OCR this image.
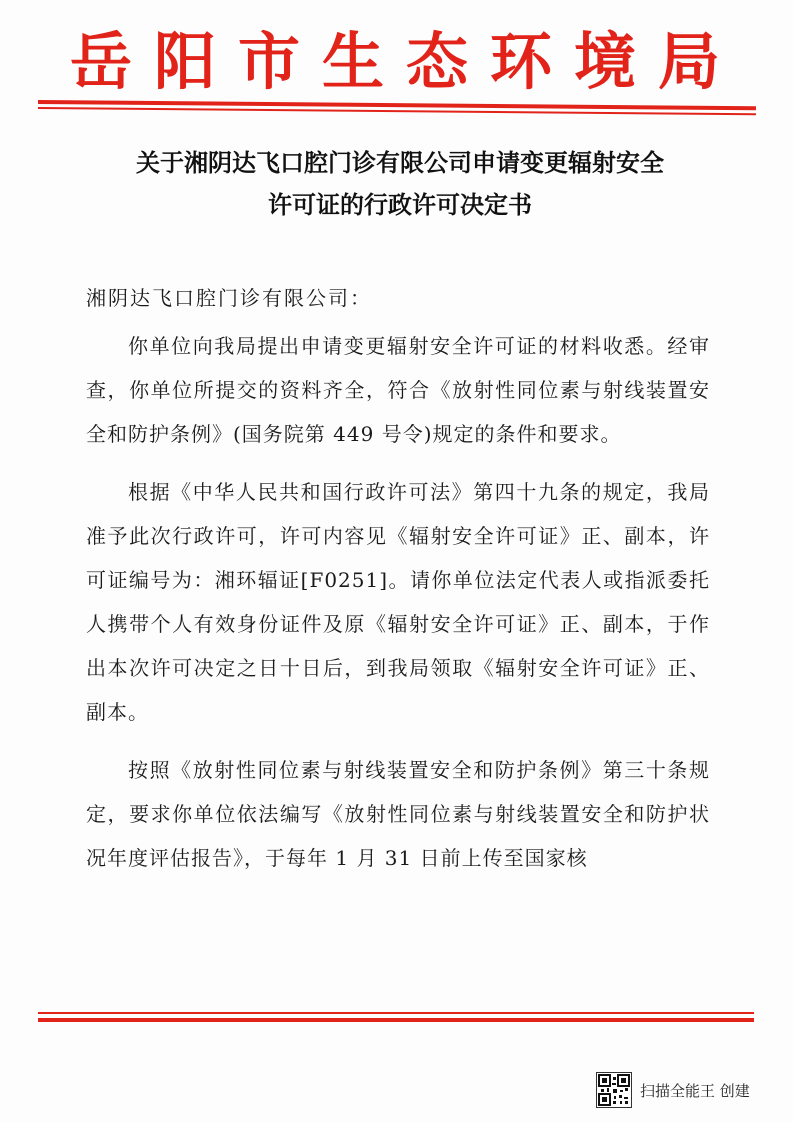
岳阳市生态环境局
关于湘阴达飞口腔门诊有限公司申请变更辐射安全
许可证的行政许可决定书
湘阴达飞口腔门诊有限公司：

你单位向我局提出申请变更辐射安全许可证的材料收悉。经审查，你单位所提交的资料齐全，符合《放射性同位素与射线装置安全和防护条例》(国务院第 449 号令)规定的条件和要求。

根据《中华人民共和国行政许可法》第四十九条的规定，我局准予此次行政许可，许可内容见《辐射安全许可证》正、副本，许可证编号为：湘环辐证[F0251]。请你单位法定代表人或指派委托人携带个人有效身份证件及原《辐射安全许可证》正、副本，于作出本次许可决定之日十日后，到我局领取《辐射安全许可证》正、副本。

按照《放射性同位素与射线装置安全和防护条例》第三十条规定，要求你单位依法编写《放射性同位素与射线装置安全和防护状况年度评估报告》，于每年 1 月 31 日前上传至国家核

扫描全能王 创建
